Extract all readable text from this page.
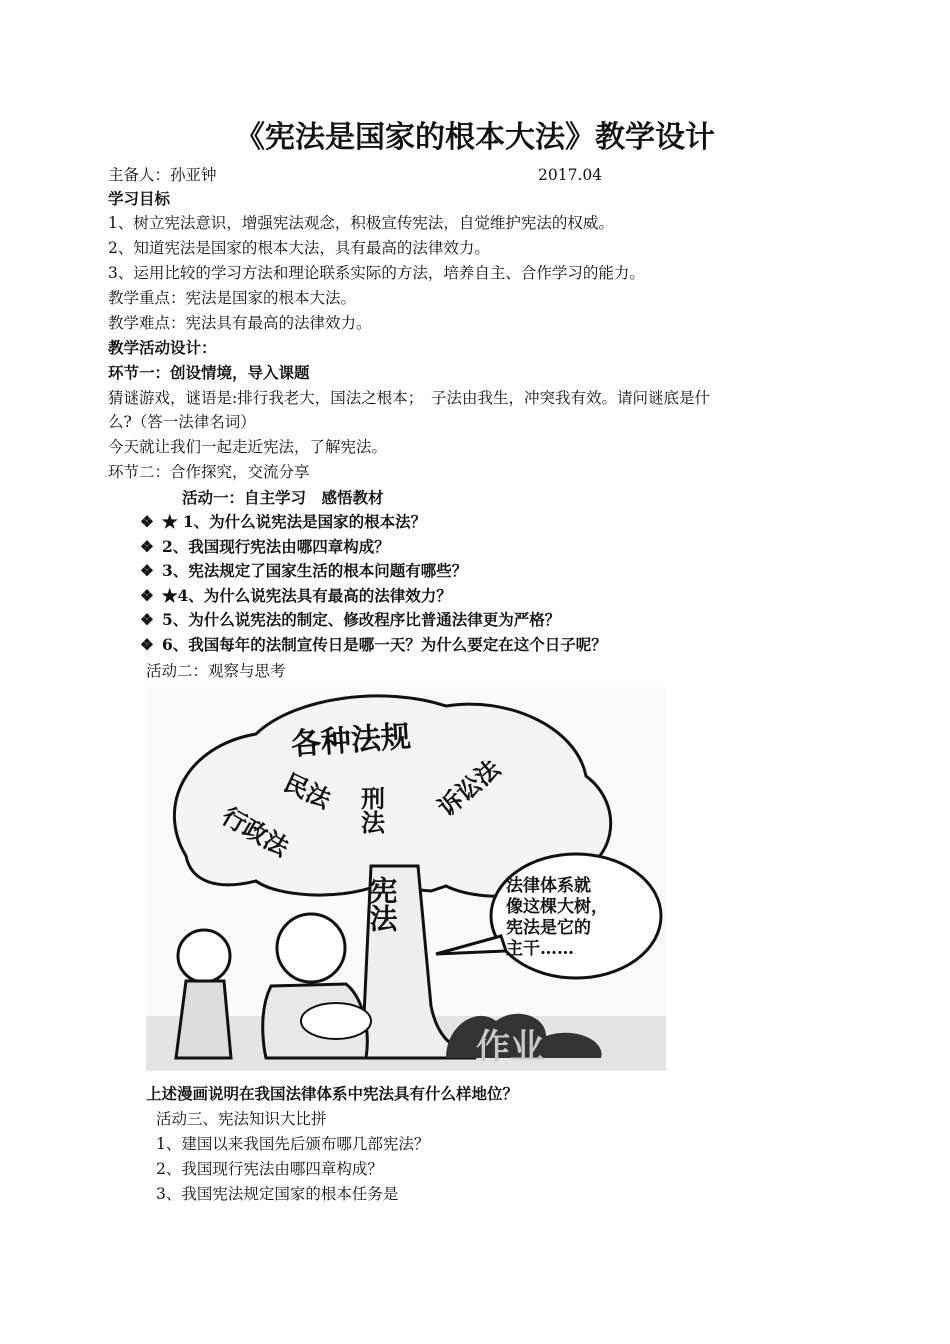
《宪法是国家的根本大法》教学设计
主备人：孙亚钟	2017.04
学习目标
1、树立宪法意识，增强宪法观念，积极宣传宪法，自觉维护宪法的权威。
2、知道宪法是国家的根本大法，具有最高的法律效力。
3、运用比较的学习方法和理论联系实际的方法，培养自主、合作学习的能力。
教学重点：宪法是国家的根本大法。
教学难点：宪法具有最高的法律效力。
教学活动设计：
环节一：创设情境，导入课题
猜谜游戏，谜语是:排行我老大，国法之根本；　子法由我生，冲突我有效。请问谜底是什
么?（答一法律名词）
今天就让我们一起走近宪法，了解宪法。
环节二：合作探究，交流分享
活动一：自主学习　感悟教材
❖ ★ 1、为什么说宪法是国家的根本法？
❖ 2、我国现行宪法由哪四章构成？
❖ 3、宪法规定了国家生活的根本问题有哪些？
❖ ★4、为什么说宪法具有最高的法律效力？
❖ 5、为什么说宪法的制定、修改程序比普通法律更为严格？
❖ 6、我国每年的法制宣传日是哪一天？为什么要定在这个日子呢？
活动二：观察与思考
各种法规
行政法
民法 刑法 诉讼法
宪法	法律体系就
像这棵大树，
宪法是它的
主干……
作业
上述漫画说明在我国法律体系中宪法具有什么样地位？
活动三、宪法知识大比拼
1、建国以来我国先后颁布哪几部宪法？
2、我国现行宪法由哪四章构成？
3、我国宪法规定国家的根本任务是
